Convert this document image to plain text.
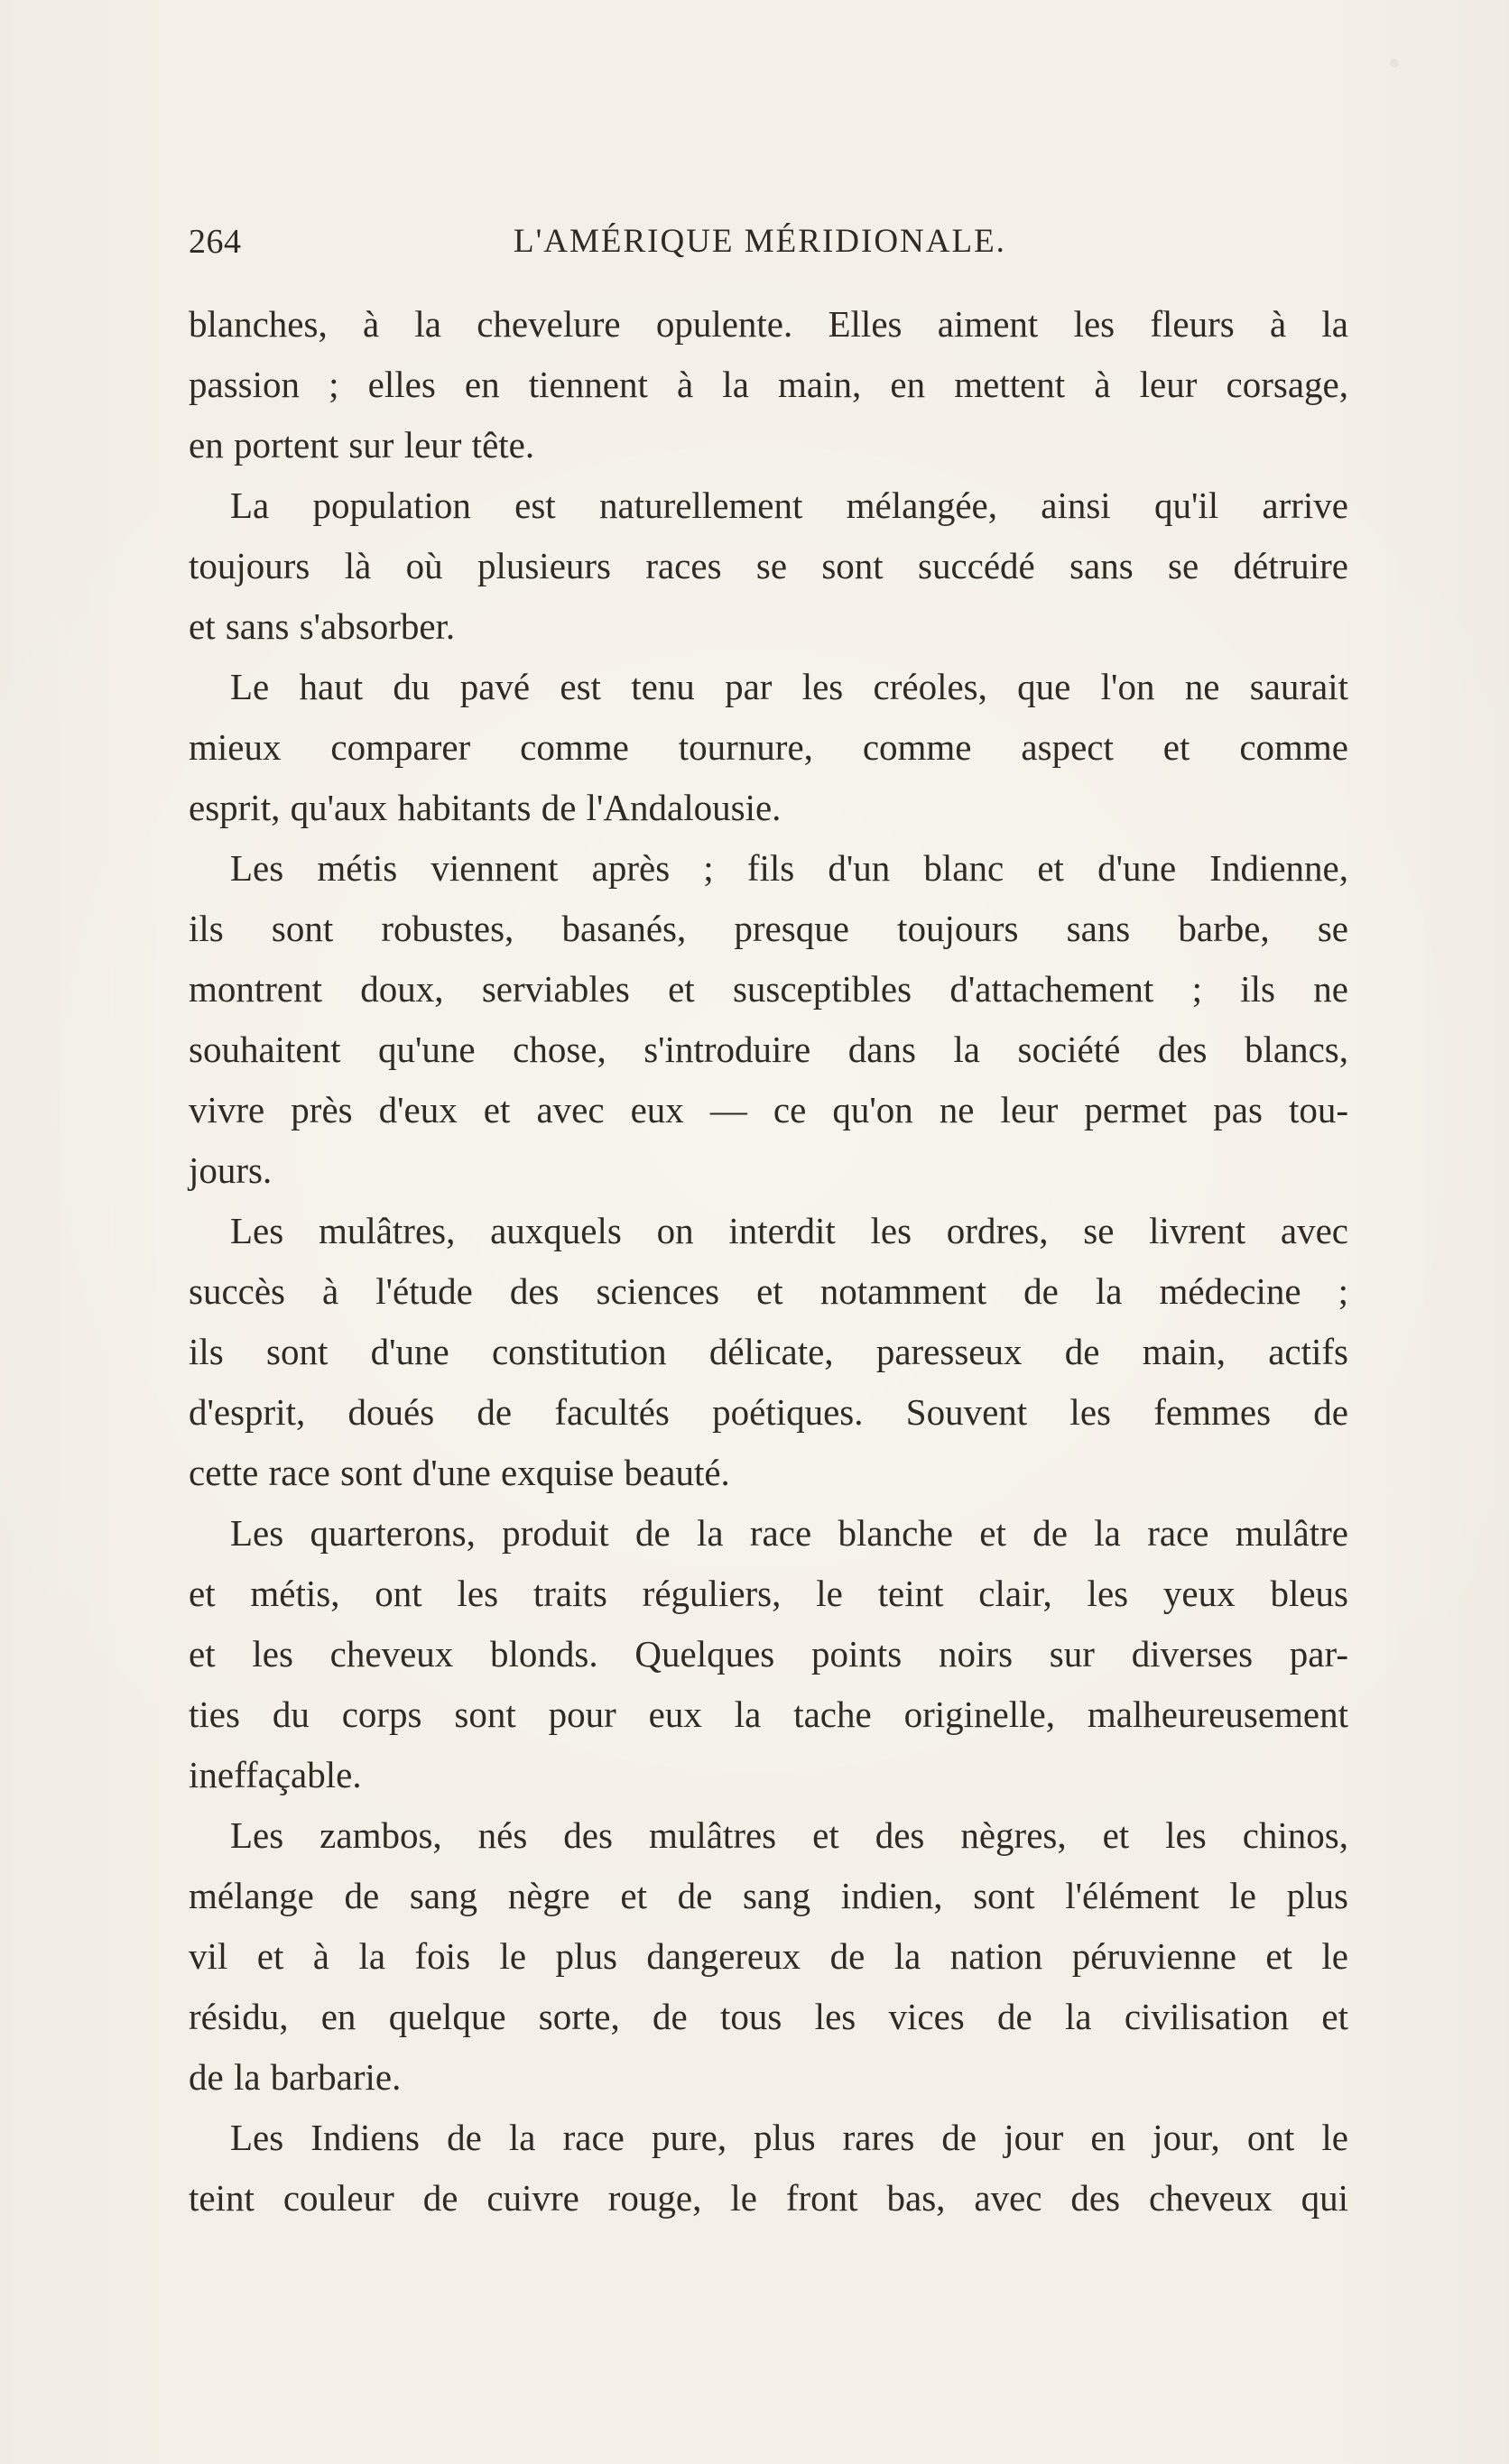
264	L'AMÉRIQUE MÉRIDIONALE.
blanches, à la chevelure opulente. Elles aiment les fleurs à la
passion ; elles en tiennent à la main, en mettent à leur corsage,
en portent sur leur tête.
La population est naturellement mélangée, ainsi qu'il arrive
toujours là où plusieurs races se sont succédé sans se détruire
et sans s'absorber.
Le haut du pavé est tenu par les créoles, que l'on ne saurait
mieux comparer comme tournure, comme aspect et comme
esprit, qu'aux habitants de l'Andalousie.
Les métis viennent après ; fils d'un blanc et d'une Indienne,
ils sont robustes, basanés, presque toujours sans barbe, se
montrent doux, serviables et susceptibles d'attachement ; ils ne
souhaitent qu'une chose, s'introduire dans la société des blancs,
vivre près d'eux et avec eux — ce qu'on ne leur permet pas tou-
jours.
Les mulâtres, auxquels on interdit les ordres, se livrent avec
succès à l'étude des sciences et notamment de la médecine ;
ils sont d'une constitution délicate, paresseux de main, actifs
d'esprit, doués de facultés poétiques. Souvent les femmes de
cette race sont d'une exquise beauté.
Les quarterons, produit de la race blanche et de la race mulâtre
et métis, ont les traits réguliers, le teint clair, les yeux bleus
et les cheveux blonds. Quelques points noirs sur diverses par-
ties du corps sont pour eux la tache originelle, malheureusement
ineffaçable.
Les zambos, nés des mulâtres et des nègres, et les chinos,
mélange de sang nègre et de sang indien, sont l'élément le plus
vil et à la fois le plus dangereux de la nation péruvienne et le
résidu, en quelque sorte, de tous les vices de la civilisation et
de la barbarie.
Les Indiens de la race pure, plus rares de jour en jour, ont le
teint couleur de cuivre rouge, le front bas, avec des cheveux qui
